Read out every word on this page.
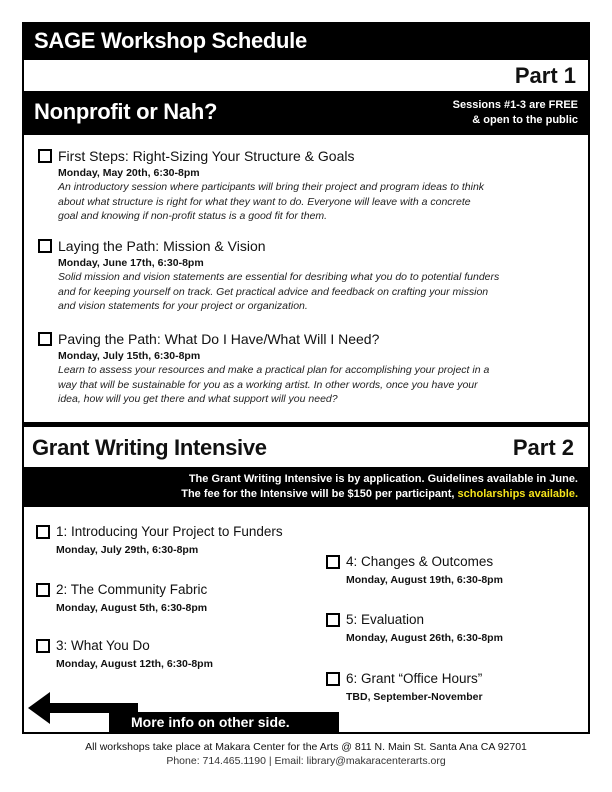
SAGE Workshop Schedule
Part 1
Nonprofit or Nah?	Sessions #1-3 are FREE
& open to the public
First Steps: Right-Sizing Your Structure & Goals
Monday, May 20th, 6:30-8pm
An introductory session where participants will bring their project and program ideas to think
about what structure is right for what they want to do. Everyone will leave with a concrete
goal and knowing if non-profit status is a good fit for them.
Laying the Path: Mission & Vision
Monday, June 17th, 6:30-8pm
Solid mission and vision statements are essential for desribing what you do to potential funders
and for keeping yourself on track. Get practical advice and feedback on crafting your mission
and vision statements for your project or organization.
Paving the Path: What Do I Have/What Will I Need?
Monday, July 15th, 6:30-8pm
Learn to assess your resources and make a practical plan for accomplishing your project in a
way that will be sustainable for you as a working artist. In other words, once you have your
idea, how will you get there and what support will you need?
Grant Writing Intensive	Part 2
The Grant Writing Intensive is by application. Guidelines available in June.
The fee for the Intensive will be $150 per participant, scholarships available.
1: Introducing Your Project to Funders
Monday, July 29th, 6:30-8pm
2: The Community Fabric
Monday, August 5th, 6:30-8pm
3: What You Do
Monday, August 12th, 6:30-8pm
4: Changes & Outcomes
Monday, August 19th, 6:30-8pm
5: Evaluation
Monday, August 26th, 6:30-8pm
6: Grant “Office Hours”
TBD, September-November
More info on other side.
All workshops take place at Makara Center for the Arts @ 811 N. Main St. Santa Ana CA 92701
Phone: 714.465.1190 | Email: library@makaracenterarts.org
